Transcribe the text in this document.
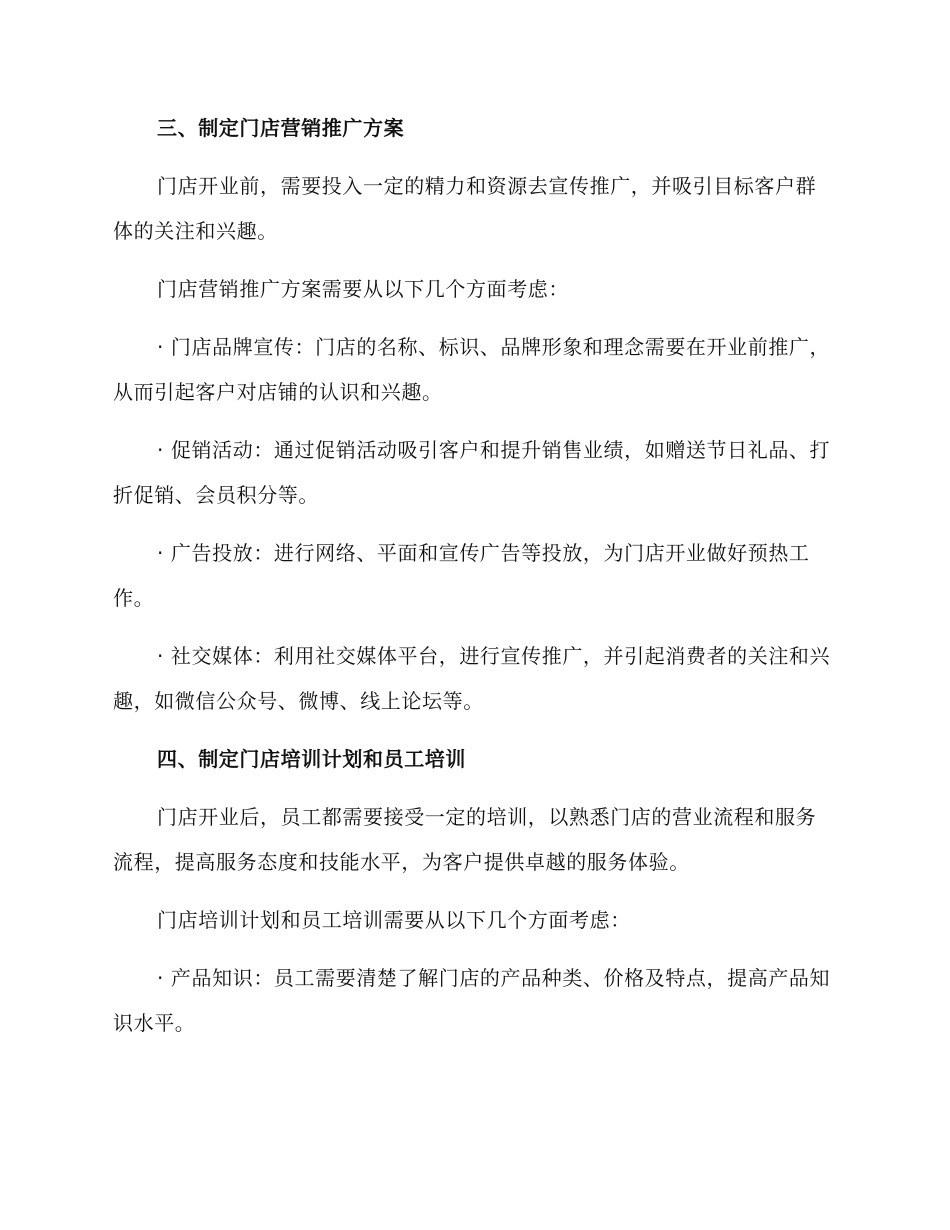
三、制定门店营销推广方案

门店开业前，需要投入一定的精力和资源去宣传推广，并吸引目标客户群体的关注和兴趣。

门店营销推广方案需要从以下几个方面考虑：

· 门店品牌宣传：门店的名称、标识、品牌形象和理念需要在开业前推广，从而引起客户对店铺的认识和兴趣。

· 促销活动：通过促销活动吸引客户和提升销售业绩，如赠送节日礼品、打折促销、会员积分等。

· 广告投放：进行网络、平面和宣传广告等投放，为门店开业做好预热工作。

· 社交媒体：利用社交媒体平台，进行宣传推广，并引起消费者的关注和兴趣，如微信公众号、微博、线上论坛等。

四、制定门店培训计划和员工培训

门店开业后，员工都需要接受一定的培训，以熟悉门店的营业流程和服务流程，提高服务态度和技能水平，为客户提供卓越的服务体验。

门店培训计划和员工培训需要从以下几个方面考虑：

· 产品知识：员工需要清楚了解门店的产品种类、价格及特点，提高产品知识水平。
